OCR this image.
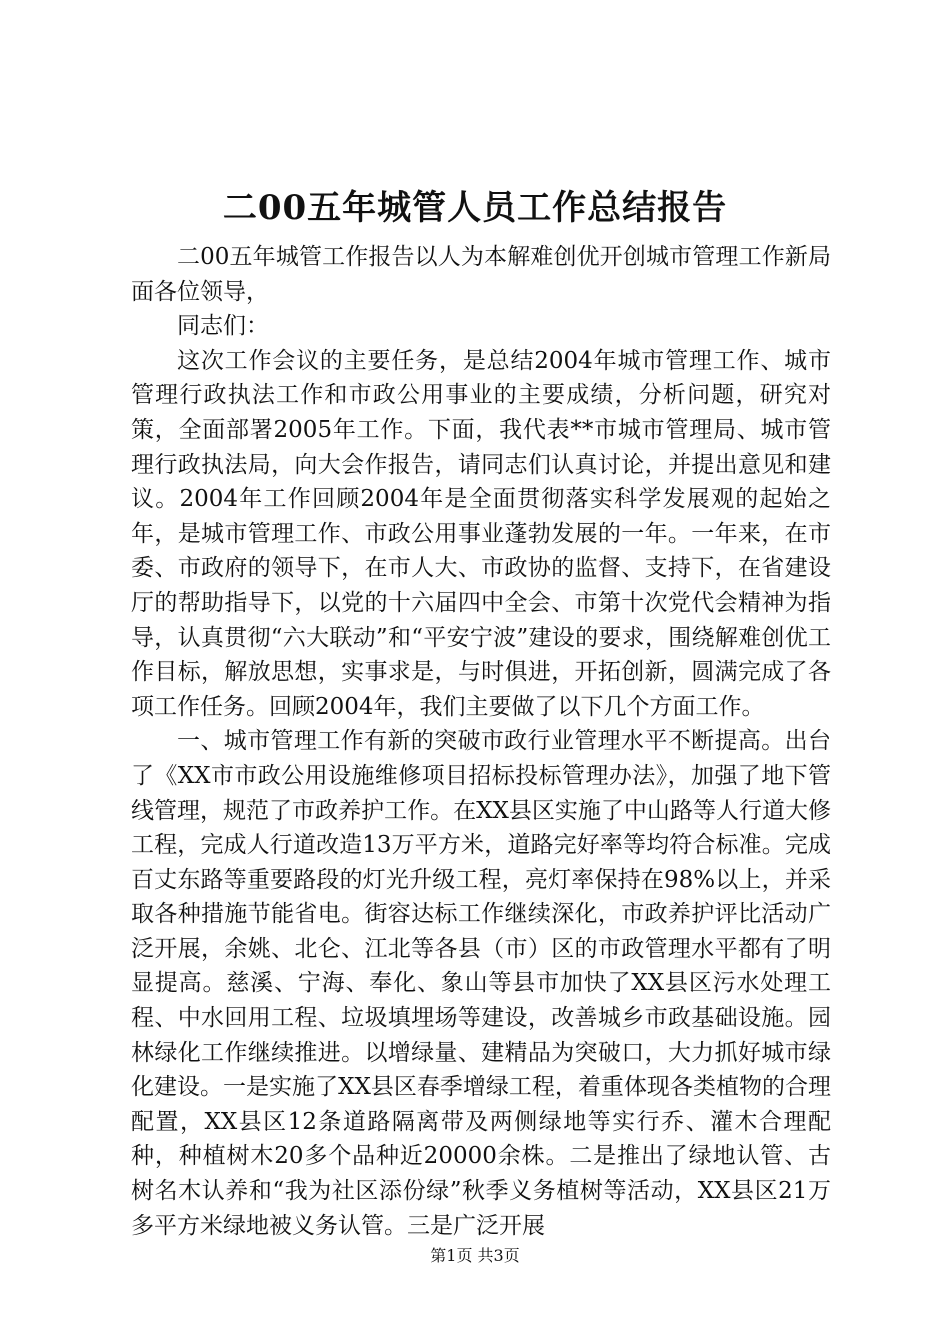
二00五年城管人员工作总结报告

二00五年城管工作报告以人为本解难创优开创城市管理工作新局面各位领导，

同志们：

这次工作会议的主要任务，是总结2004年城市管理工作、城市管理行政执法工作和市政公用事业的主要成绩，分析问题，研究对策，全面部署2005年工作。下面，我代表**市城市管理局、城市管理行政执法局，向大会作报告，请同志们认真讨论，并提出意见和建议。2004年工作回顾2004年是全面贯彻落实科学发展观的起始之年，是城市管理工作、市政公用事业蓬勃发展的一年。一年来，在市委、市政府的领导下，在市人大、市政协的监督、支持下，在省建设厅的帮助指导下，以党的十六届四中全会、市第十次党代会精神为指导，认真贯彻“六大联动”和“平安宁波”建设的要求，围绕解难创优工作目标，解放思想，实事求是，与时俱进，开拓创新，圆满完成了各项工作任务。回顾2004年，我们主要做了以下几个方面工作。

一、城市管理工作有新的突破市政行业管理水平不断提高。出台了《XX市市政公用设施维修项目招标投标管理办法》，加强了地下管线管理，规范了市政养护工作。在XX县区实施了中山路等人行道大修工程，完成人行道改造13万平方米，道路完好率等均符合标准。完成百丈东路等重要路段的灯光升级工程，亮灯率保持在98%以上，并采取各种措施节能省电。街容达标工作继续深化，市政养护评比活动广泛开展，余姚、北仑、江北等各县（市）区的市政管理水平都有了明显提高。慈溪、宁海、奉化、象山等县市加快了XX县区污水处理工程、中水回用工程、垃圾填埋场等建设，改善城乡市政基础设施。园林绿化工作继续推进。以增绿量、建精品为突破口，大力抓好城市绿化建设。一是实施了XX县区春季增绿工程，着重体现各类植物的合理配置，XX县区12条道路隔离带及两侧绿地等实行乔、灌木合理配种，种植树木20多个品种近20000余株。二是推出了绿地认管、古树名木认养和“我为社区添份绿”秋季义务植树等活动，XX县区21万多平方米绿地被义务认管。三是广泛开展

第1页 共3页
